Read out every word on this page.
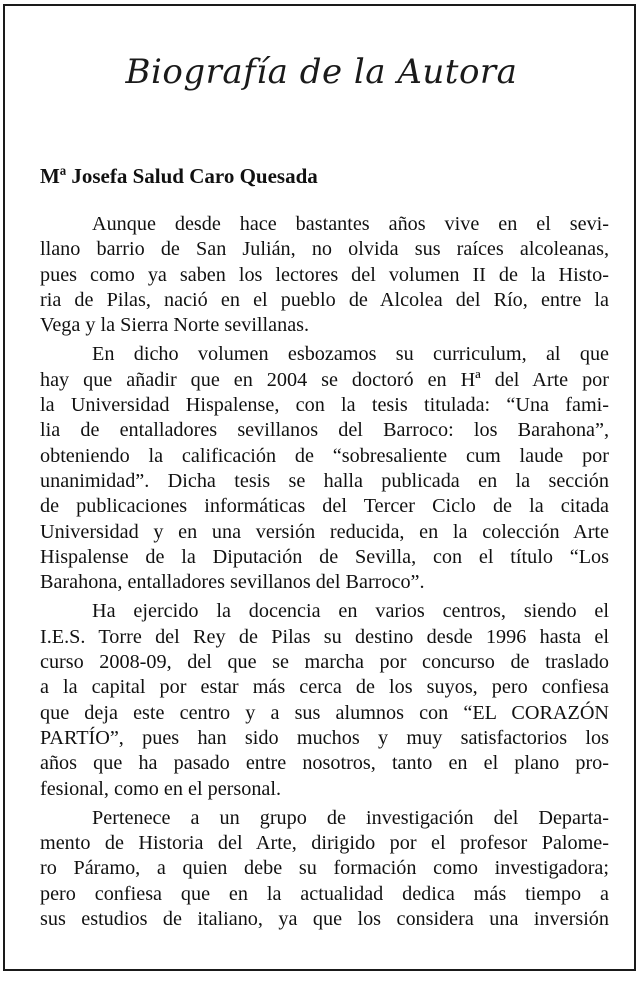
Biografía de la Autora
Mª Josefa Salud Caro Quesada

Aunque desde hace bastantes años vive en el sevi-
llano barrio de San Julián, no olvida sus raíces alcoleanas,
pues como ya saben los lectores del volumen II de la Histo-
ria de Pilas, nació en el pueblo de Alcolea del Río, entre la
Vega y la Sierra Norte sevillanas.

En dicho volumen esbozamos su curriculum, al que
hay que añadir que en 2004 se doctoró en Hª del Arte por
la Universidad Hispalense, con la tesis titulada: “Una fami-
lia de entalladores sevillanos del Barroco: los Barahona”,
obteniendo la calificación de “sobresaliente cum laude por
unanimidad”. Dicha tesis se halla publicada en la sección
de publicaciones informáticas del Tercer Ciclo de la citada
Universidad y en una versión reducida, en la colección Arte
Hispalense de la Diputación de Sevilla, con el título “Los
Barahona, entalladores sevillanos del Barroco”.

Ha ejercido la docencia en varios centros, siendo el
I.E.S. Torre del Rey de Pilas su destino desde 1996 hasta el
curso 2008-09, del que se marcha por concurso de traslado
a la capital por estar más cerca de los suyos, pero confiesa
que deja este centro y a sus alumnos con “EL CORAZÓN
PARTÍO”, pues han sido muchos y muy satisfactorios los
años que ha pasado entre nosotros, tanto en el plano pro-
fesional, como en el personal.

Pertenece a un grupo de investigación del Departa-
mento de Historia del Arte, dirigido por el profesor Palome-
ro Páramo, a quien debe su formación como investigadora;
pero confiesa que en la actualidad dedica más tiempo a
sus estudios de italiano, ya que los considera una inversión
